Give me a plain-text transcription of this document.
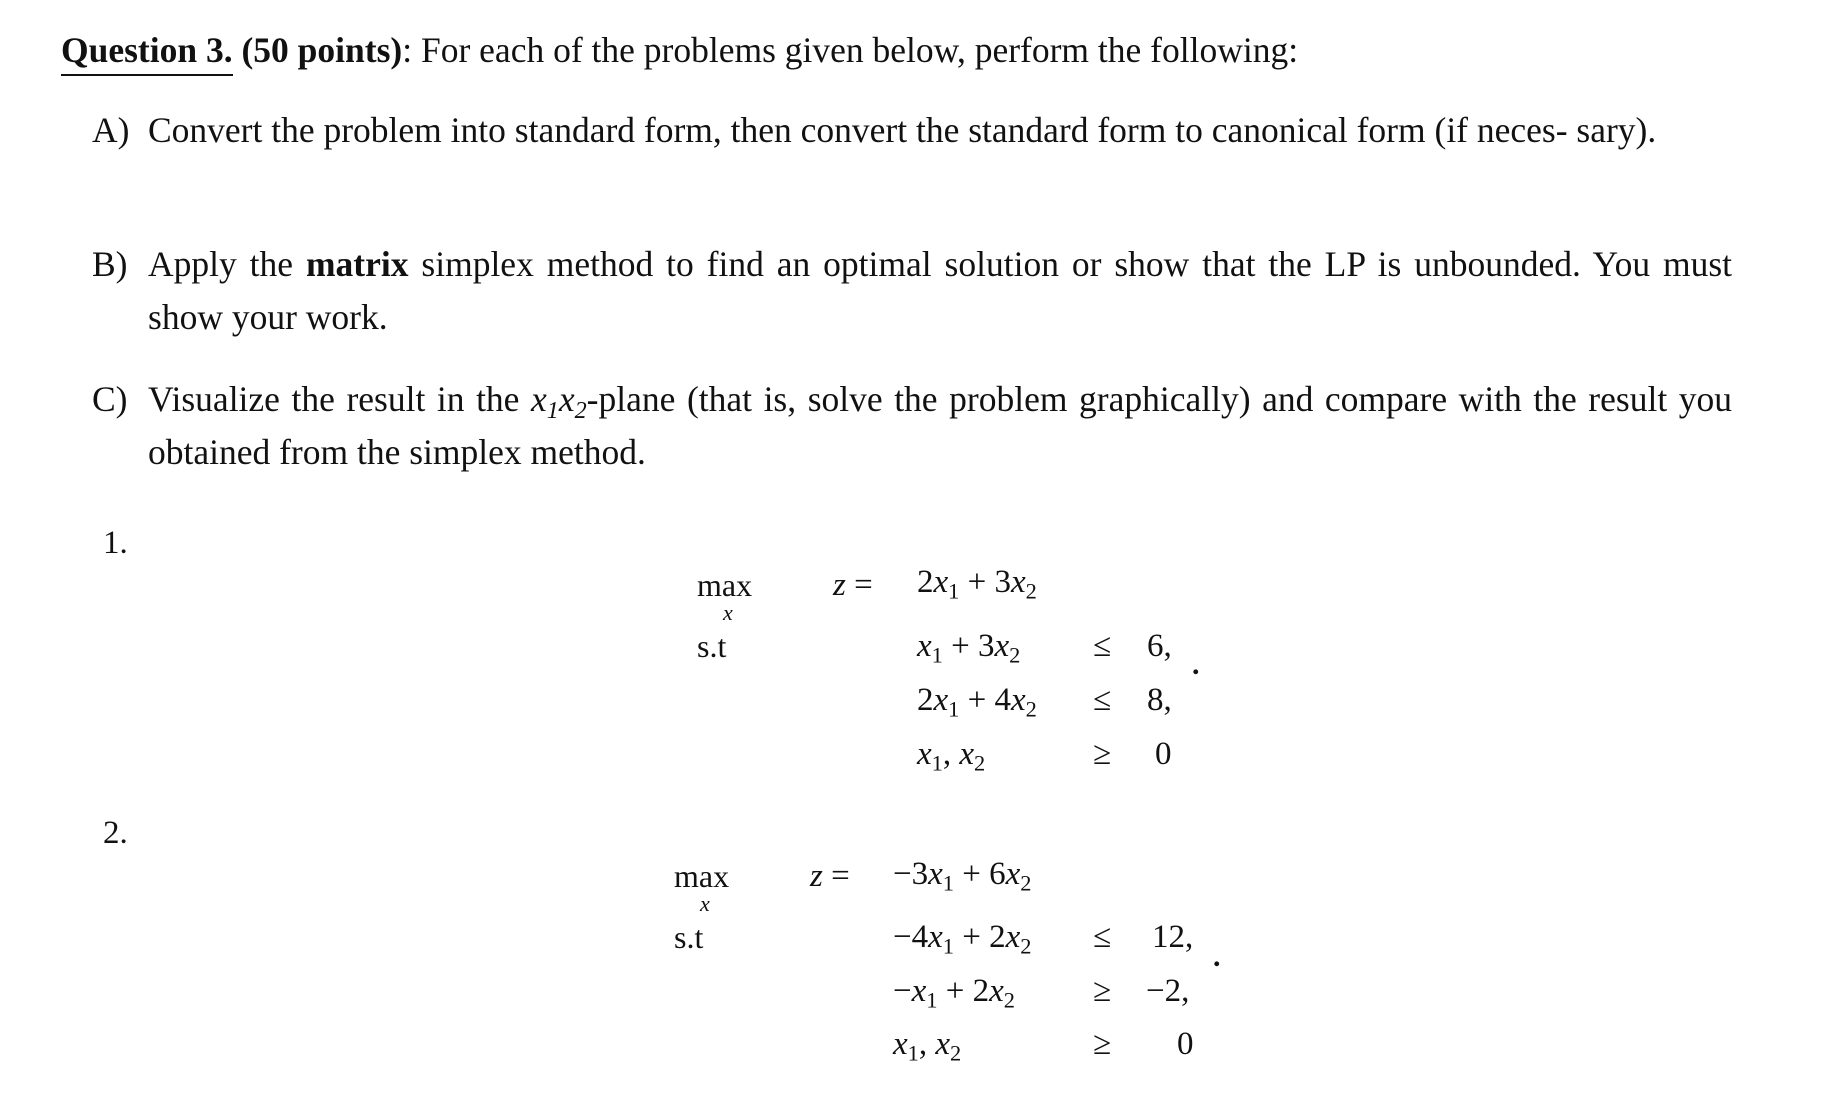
Question 3. (50 points): For each of the problems given below, perform the following:
A) Convert the problem into standard form, then convert the standard form to canonical form (if neces- sary).
B) Apply the matrix simplex method to find an optimal solution or show that the LP is unbounded. You must show your work.
C) Visualize the result in the $x_1x_2$-plane (that is, solve the problem graphically) and compare with the result you obtained from the simplex method.
1.
max
x
$z = 2x_1 + 3x_2$
s.t	$x_1 + 3x_2 \le 6$,
$2x_1 + 4x_2 \le 8$,
$x_1$, $x_2$	≥ 0
.
2.
max
x
$z = -3x_1 + 6x_2$
s.t	$-4x_1 + 2x_2 \le 12$,
$-x_1 + 2x_2 \ge -2$,
$x_1$, $x_2$	≥ 0
.
